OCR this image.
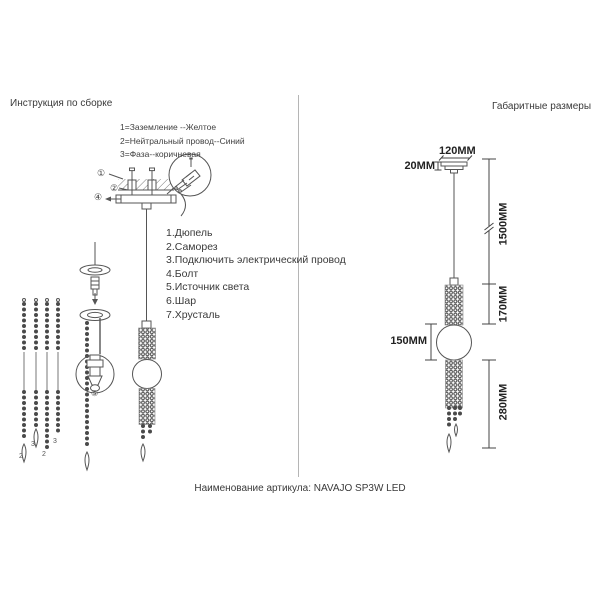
Инструкция по сборке	Габаритные размеры
1=Заземление --Желтое
2=Нейтральный провод--Синий
3=Фаза--коричневая
1.Дюпель
2.Саморез
3.Подключить электрический провод
4.Болт
5.Источник света
6.Шар
7.Хрусталь
①
②
④
⑤
2
3
2
3
120MM
20MM
1500MM
170MM
150MM
280MM
Наименование артикула: NAVAJO SP3W LED
